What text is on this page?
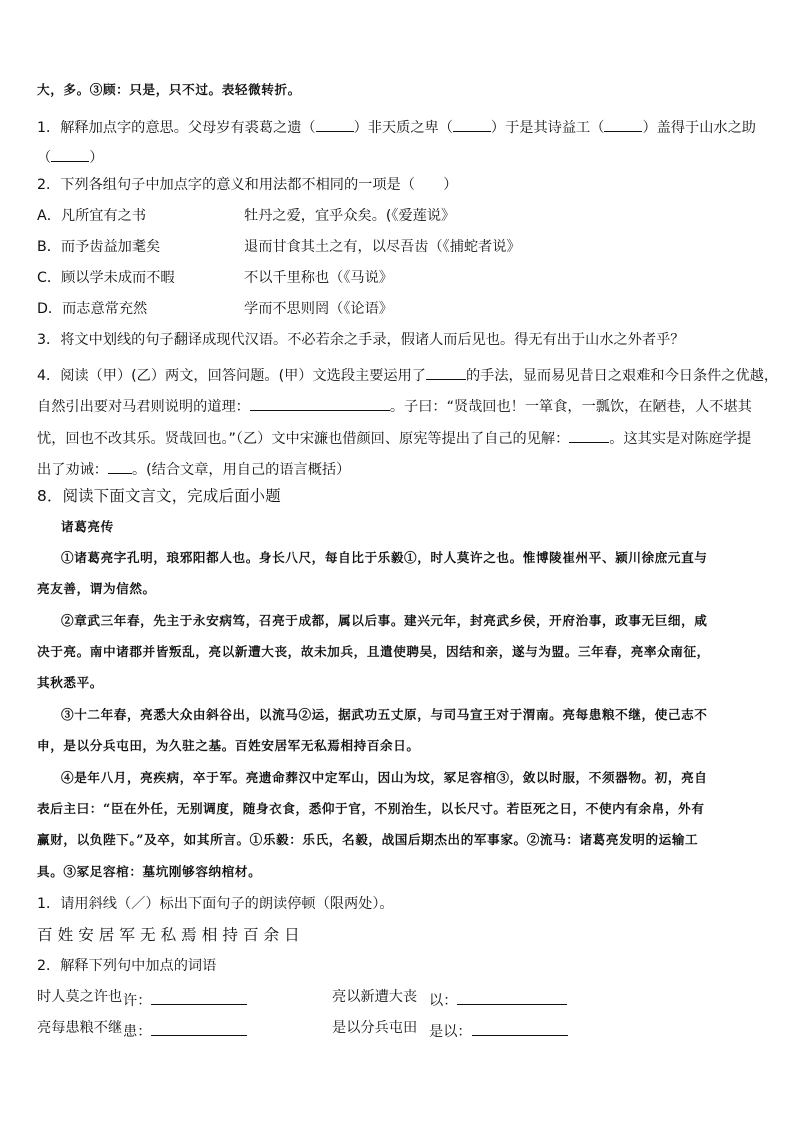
大，多。③顾：只是，只不过。表轻微转折。
1．解释加点字的意思。父母岁有裘葛之遗（	）非天质之卑（	）于是其诗益工（	）盖得于山水之助
（	）
2．下列各组句子中加点字的意义和用法都不相同的一项是（　　）
A．凡所宜有之书	牡丹之爱，宜乎众矣。(《爱莲说》
B．而予齿益加耄矣	退而甘食其土之有，以尽吾齿（《捕蛇者说》
C．顾以学未成而不暇	不以千里称也（《马说》
D．而志意常充然	学而不思则罔（《论语》
3．将文中划线的句子翻译成现代汉语。不必若余之手录，假诸人而后见也。得无有出于山水之外者乎？
4．阅读（甲）(乙）两文，回答问题。(甲）文选段主要运用了	的手法，显而易见昔日之艰难和今日条件之优越，
自然引出要对马君则说明的道理：	。子曰：“贤哉回也！一箪食，一瓢饮，在陋巷，人不堪其
忧，回也不改其乐。贤哉回也。”（乙）文中宋濂也借颜回、原宪等提出了自己的见解：	。这其实是对陈庭学提
出了劝诫： 。(结合文章，用自己的语言概括）
8．阅读下面文言文，完成后面小题
诸葛亮传
①诸葛亮字孔明，琅邪阳都人也。身长八尺，每自比于乐毅①，时人莫许之也。惟博陵崔州平、颍川徐庶元直与
亮友善，谓为信然。
②章武三年春，先主于永安病笃，召亮于成都，属以后事。建兴元年，封亮武乡侯，开府治事，政事无巨细，咸
决于亮。南中诸郡并皆叛乱，亮以新遭大丧，故未加兵，且遣使聘吴，因结和亲，遂与为盟。三年春，亮率众南征，
其秋悉平。
③十二年春，亮悉大众由斜谷出，以流马②运，据武功五丈原，与司马宣王对于渭南。亮每患粮不继，使己志不
申，是以分兵屯田，为久驻之基。百姓安居军无私焉相持百余日。
④是年八月，亮疾病，卒于军。亮遗命葬汉中定军山，因山为坟，冢足容棺③，敛以时服，不须器物。初，亮自
表后主曰：“臣在外任，无别调度，随身衣食，悉仰于官，不别治生，以长尺寸。若臣死之日，不使内有余帛，外有
赢财，以负陛下。”及卒，如其所言。①乐毅：乐氏，名毅，战国后期杰出的军事家。②流马：诸葛亮发明的运输工
具。③冢足容棺：墓坑刚够容纳棺材。
1．请用斜线（／）标出下面句子的朗读停顿（限两处）。
百姓安居军无私焉相持百余日
2．解释下列句中加点的词语
时人莫之许也 许：	亮以新遭大丧 以：
亮每患粮不继 患：	是以分兵屯田 是以：
